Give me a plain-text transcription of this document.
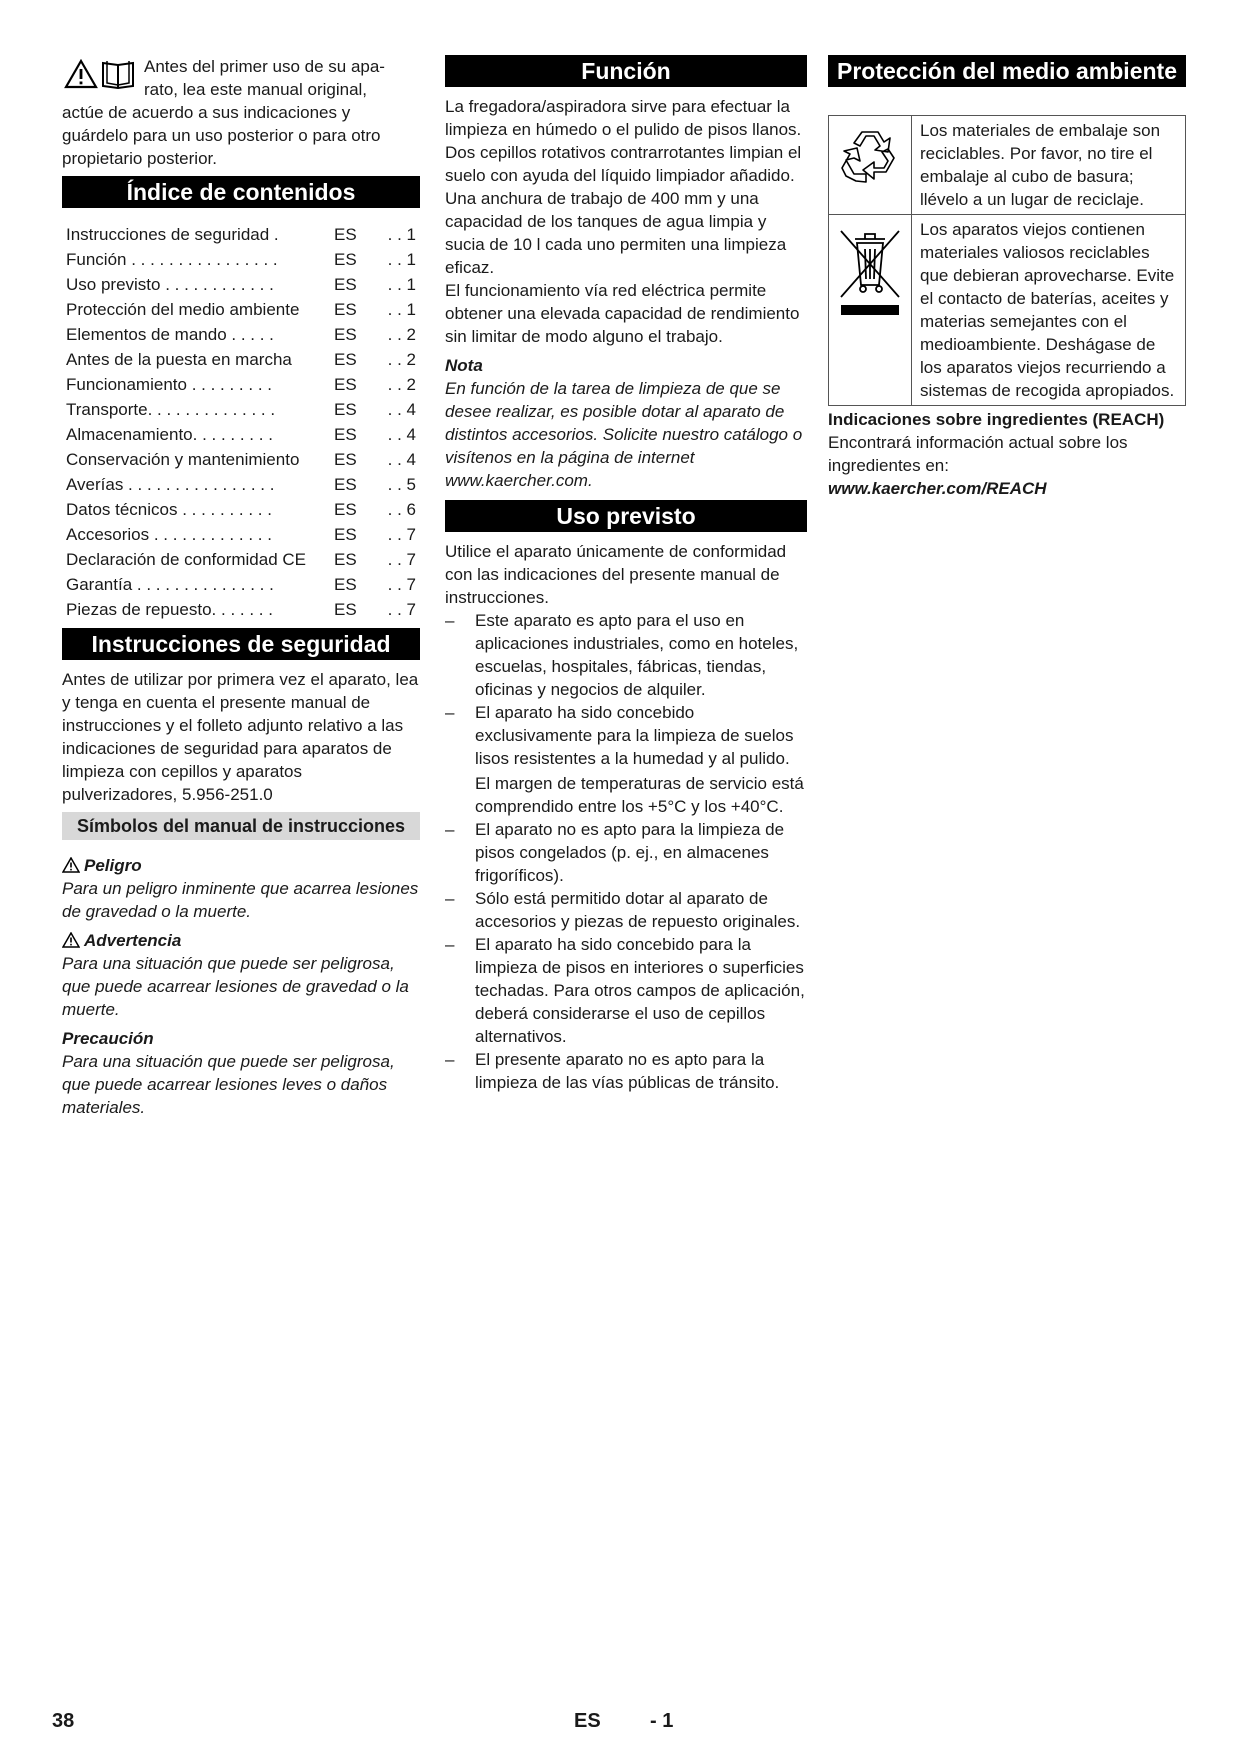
Antes del primer uso de su apa-
rato, lea este manual original,

actúe de acuerdo a sus indicaciones y guárdelo para un uso posterior o para otro propietario posterior.

Índice de contenidos
Instrucciones de seguridad .	ES	. . 1
Función . . . . . . . . . . . . . . . .	ES	. . 1
Uso previsto . . . . . . . . . . . .	ES	. . 1
Protección del medio ambiente	ES	. . 1
Elementos de mando . . . . .	ES	. . 2
Antes de la puesta en marcha	ES	. . 2
Funcionamiento . . . . . . . . .	ES	. . 2
Transporte. . . . . . . . . . . . . .	ES	. . 4
Almacenamiento. . . . . . . . .	ES	. . 4
Conservación y mantenimiento	ES	. . 4
Averías . . . . . . . . . . . . . . . .	ES	. . 5
Datos técnicos . . . . . . . . . .	ES	. . 6
Accesorios . . . . . . . . . . . . .	ES	. . 7
Declaración de conformidad CE	ES	. . 7
Garantía . . . . . . . . . . . . . . .	ES	. . 7
Piezas de repuesto. . . . . . .	ES	. . 7
Instrucciones de seguridad

Antes de utilizar por primera vez el aparato, lea y tenga en cuenta el presente manual de instrucciones y el folleto adjunto relativo a las indicaciones de seguridad para aparatos de limpieza con cepillos y aparatos pulverizadores, 5.956-251.0

Símbolos del manual de instrucciones

Peligro

Para un peligro inminente que acarrea lesiones de gravedad o la muerte.

Advertencia

Para una situación que puede ser peligrosa, que puede acarrear lesiones de gravedad o la muerte.

Precaución

Para una situación que puede ser peligrosa, que puede acarrear lesiones leves o daños materiales.

Función

La fregadora/aspiradora sirve para efectuar la limpieza en húmedo o el pulido de pisos llanos.

Dos cepillos rotativos contrarrotantes limpian el suelo con ayuda del líquido limpiador añadido. Una anchura de trabajo de 400 mm y una capacidad de los tanques de agua limpia y sucia de 10 l cada uno permiten una limpieza eficaz.

El funcionamiento vía red eléctrica permite obtener una elevada capacidad de rendimiento sin limitar de modo alguno el trabajo.

Nota

En función de la tarea de limpieza de que se desee realizar, es posible dotar al aparato de distintos accesorios. Solicite nuestro catálogo o visítenos en la página de internet www.kaercher.com.

Uso previsto

Utilice el aparato únicamente de conformidad con las indicaciones del presente manual de instrucciones.

– Este aparato es apto para el uso en aplicaciones industriales, como en hoteles, escuelas, hospitales, fábricas, tiendas, oficinas y negocios de alquiler.
– El aparato ha sido concebido exclusivamente para la limpieza de suelos lisos resistentes a la humedad y al pulido.
El margen de temperaturas de servicio está comprendido entre los +5°C y los +40°C.
– El aparato no es apto para la limpieza de pisos congelados (p. ej., en almacenes frigoríficos).
– Sólo está permitido dotar al aparato de accesorios y piezas de repuesto originales.
– El aparato ha sido concebido para la limpieza de pisos en interiores o superficies techadas. Para otros campos de aplicación, deberá considerarse el uso de cepillos alternativos.
– El presente aparato no es apto para la limpieza de las vías públicas de tránsito.
Protección del medio ambiente
	Los materiales de embalaje son reciclables. Por favor, no tire el embalaje al cubo de basura; llévelo a un lugar de reciclaje.
	Los aparatos viejos contienen materiales valiosos reciclables que debieran aprovecharse. Evite el contacto de baterías, aceites y materias semejantes con el medioambiente. Deshágase de los aparatos viejos recurriendo a sistemas de recogida apropiados.

Indicaciones sobre ingredientes (REACH)

Encontrará información actual sobre los ingredientes en:

www.kaercher.com/REACH

38	ES - 1
